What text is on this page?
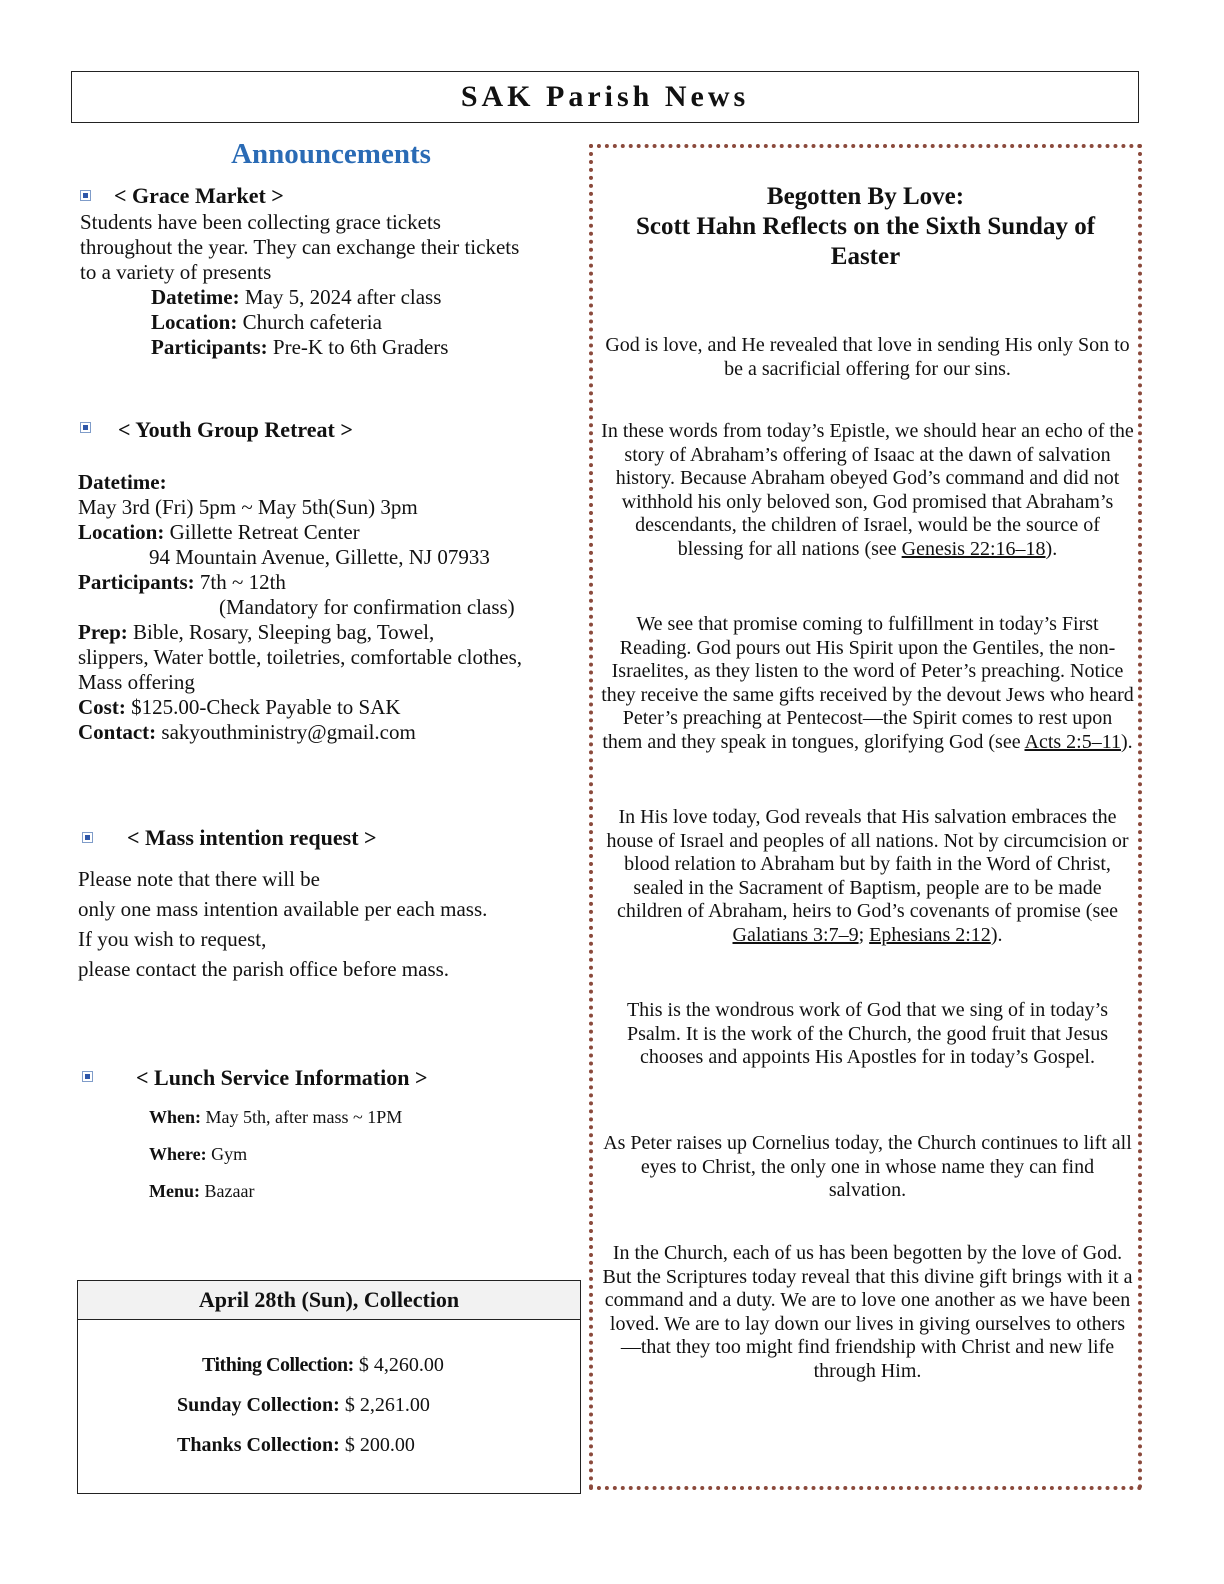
SAK Parish News
Announcements
< Grace Market >
Students have been collecting grace tickets
throughout the year. They can exchange their tickets
to a variety of presents
Datetime: May 5, 2024 after class
Location: Church cafeteria
Participants: Pre-K to 6th Graders
< Youth Group Retreat >
Datetime:
May 3rd (Fri) 5pm ~ May 5th(Sun) 3pm
Location: Gillette Retreat Center
94 Mountain Avenue, Gillette, NJ 07933
Participants: 7th ~ 12th
(Mandatory for confirmation class)
Prep: Bible, Rosary, Sleeping bag, Towel,
slippers, Water bottle, toiletries, comfortable clothes,
Mass offering
Cost: $125.00-Check Payable to SAK
Contact: sakyouthministry@gmail.com
< Mass intention request >
Please note that there will be
only one mass intention available per each mass.
If you wish to request,
please contact the parish office before mass.
< Lunch Service Information >
When: May 5th, after mass ~ 1PM
Where: Gym
Menu: Bazaar
April 28th (Sun), Collection
Tithing Collection: $ 4,260.00
Sunday Collection: $ 2,261.00
Thanks Collection: $ 200.00
Begotten By Love:
Scott Hahn Reflects on the Sixth Sunday of
Easter
God is love, and He revealed that love in sending His only Son to be a sacrificial offering for our sins.
In these words from today’s Epistle, we should hear an echo of the story of Abraham’s offering of Isaac at the dawn of salvation history. Because Abraham obeyed God’s command and did not withhold his only beloved son, God promised that Abraham’s descendants, the children of Israel, would be the source of blessing for all nations (see Genesis 22:16–18).
We see that promise coming to fulfillment in today’s First Reading. God pours out His Spirit upon the Gentiles, the non-Israelites, as they listen to the word of Peter’s preaching. Notice they receive the same gifts received by the devout Jews who heard Peter’s preaching at Pentecost—the Spirit comes to rest upon them and they speak in tongues, glorifying God (see Acts 2:5–11).
In His love today, God reveals that His salvation embraces the house of Israel and peoples of all nations. Not by circumcision or blood relation to Abraham but by faith in the Word of Christ, sealed in the Sacrament of Baptism, people are to be made children of Abraham, heirs to God’s covenants of promise (see Galatians 3:7–9; Ephesians 2:12).
This is the wondrous work of God that we sing of in today’s Psalm. It is the work of the Church, the good fruit that Jesus chooses and appoints His Apostles for in today’s Gospel.
As Peter raises up Cornelius today, the Church continues to lift all eyes to Christ, the only one in whose name they can find salvation.
In the Church, each of us has been begotten by the love of God. But the Scriptures today reveal that this divine gift brings with it a command and a duty. We are to love one another as we have been loved. We are to lay down our lives in giving ourselves to others—that they too might find friendship with Christ and new life through Him.
